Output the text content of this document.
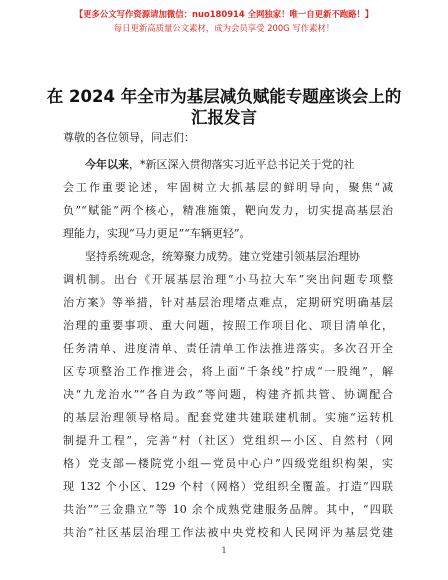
【更多公文写作资源请加微信：nuo180914 全网独家！唯一自更新不跑路！】
每日更新高质量公文素材，成为会员享受 200G 写作素材！
在 2024 年全市为基层减负赋能专题座谈会上的
汇报发言
尊敬的各位领导，同志们：
今年以来，*新区深入贯彻落实习近平总书记关于党的社
会工作重要论述，牢固树立大抓基层的鲜明导向，聚焦“减
负”“赋能”两个核心，精准施策，靶向发力，切实提高基层治
理能力，实现“马力更足”“车辆更轻”。
坚持系统观念，统筹聚力成势。建立党建引领基层治理协
调机制。出台《开展基层治理“小马拉大车”突出问题专项整
治方案》等举措，针对基层治理堵点难点，定期研究明确基层
治理的重要事项、重大问题，按照工作项目化、项目清单化，
任务清单、进度清单、责任清单工作法推进落实。多次召开全
区专项整治工作推进会，将上面“千条线”拧成“一股绳”，解
决“九龙治水”“各自为政”等问题，构建齐抓共管、协调配合
的基层治理领导格局。配套党建共建联建机制。实施“运转机
制提升工程”，完善“村（社区）党组织—小区、自然村（网
格）党支部—楼院党小组—党员中心户”四级党组织构架，实
现 132 个小区、129 个村（网格）党组织全覆盖。打造“四联
共治”“三金鼎立”等 10 余个成熟党建服务品牌。其中，“四联
共治”社区基层治理工作法被中央党校和人民网评为基层党建
1
